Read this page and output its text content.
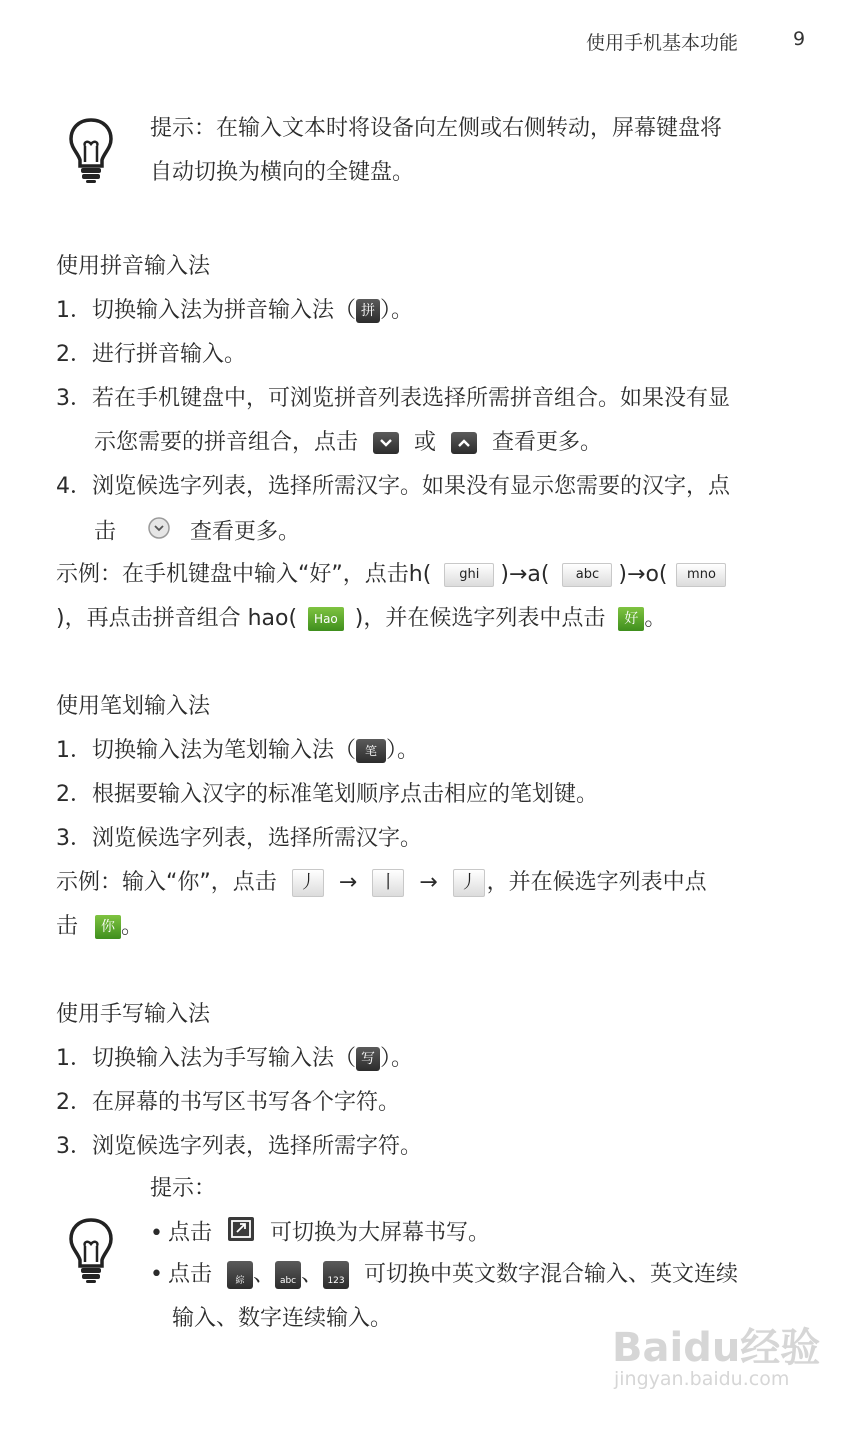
使用手机基本功能	9
提示：在输入文本时将设备向左侧或右侧转动，屏幕键盘将
自动切换为横向的全键盘。
使用拼音输入法
1．切换输入法为拼音输入法（ 拼 ）。
2．进行拼音输入。
3．若在手机键盘中，可浏览拼音列表选择所需拼音组合。如果没有显
示您需要的拼音组合，点击	或	查看更多。
4．浏览候选字列表，选择所需汉字。如果没有显示您需要的汉字，点
击	查看更多。
示例：在手机键盘中输入“好”，点击h( ghi )→a( abc )→o( mno
)，再点击拼音组合 hao( Hao )，并在候选字列表中点击 好 。
使用笔划输入法
1．切换输入法为笔划输入法（ 笔 ）。
2．根据要输入汉字的标准笔划顺序点击相应的笔划键。
3．浏览候选字列表，选择所需汉字。
示例：输入“你”，点击 丿 → 丨 → 丿 ，并在候选字列表中点
击 你 。
使用手写输入法
1．切换输入法为手写输入法（ 写 ）。
2．在屏幕的书写区书写各个字符。
3．浏览候选字列表，选择所需字符。
提示：
• 点击	可切换为大屏幕书写。
• 点击	綜 、 abc 、 123 可切换中英文数字混合输入、英文连续
输入、数字连续输入。
Baidu经验
jingyan.baidu.com
